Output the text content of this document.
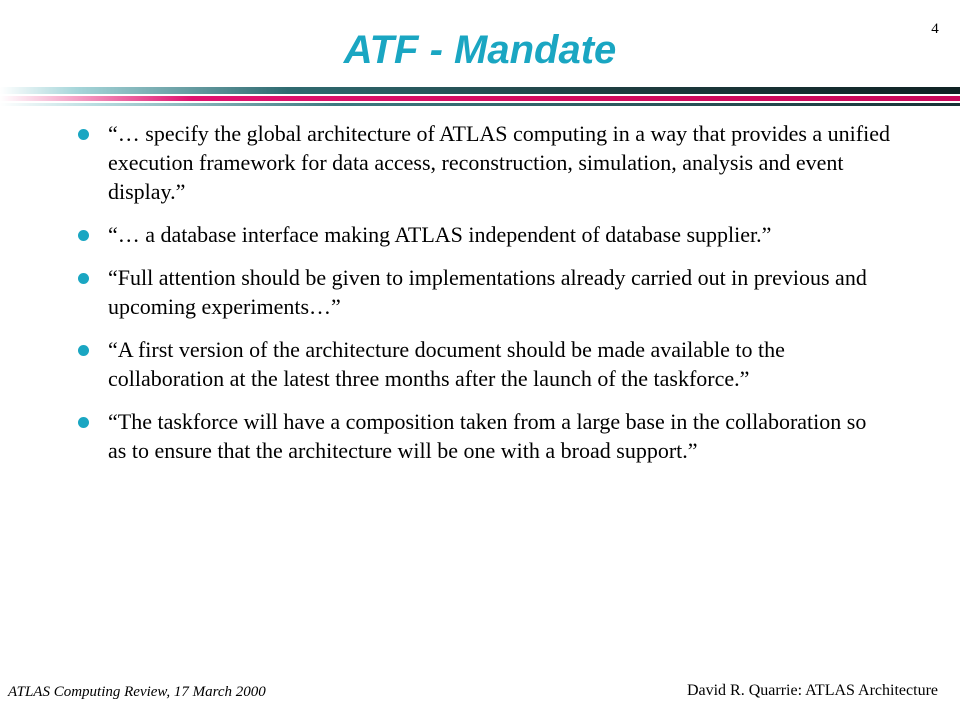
4
ATF - Mandate
“… specify the global architecture of ATLAS computing in a way that provides a unified execution framework for data access, reconstruction, simulation, analysis and event display.”
“… a database interface making ATLAS independent of database supplier.”
“Full attention should be given to implementations already carried out in previous and upcoming experiments…”
“A first version of the architecture document should be made available to the collaboration at the latest three months after the launch of the taskforce.”
“The taskforce will have a composition taken from a large base in the collaboration so as to ensure that the architecture will be one with a broad support.”
ATLAS Computing Review, 17 March 2000	David R. Quarrie: ATLAS Architecture
